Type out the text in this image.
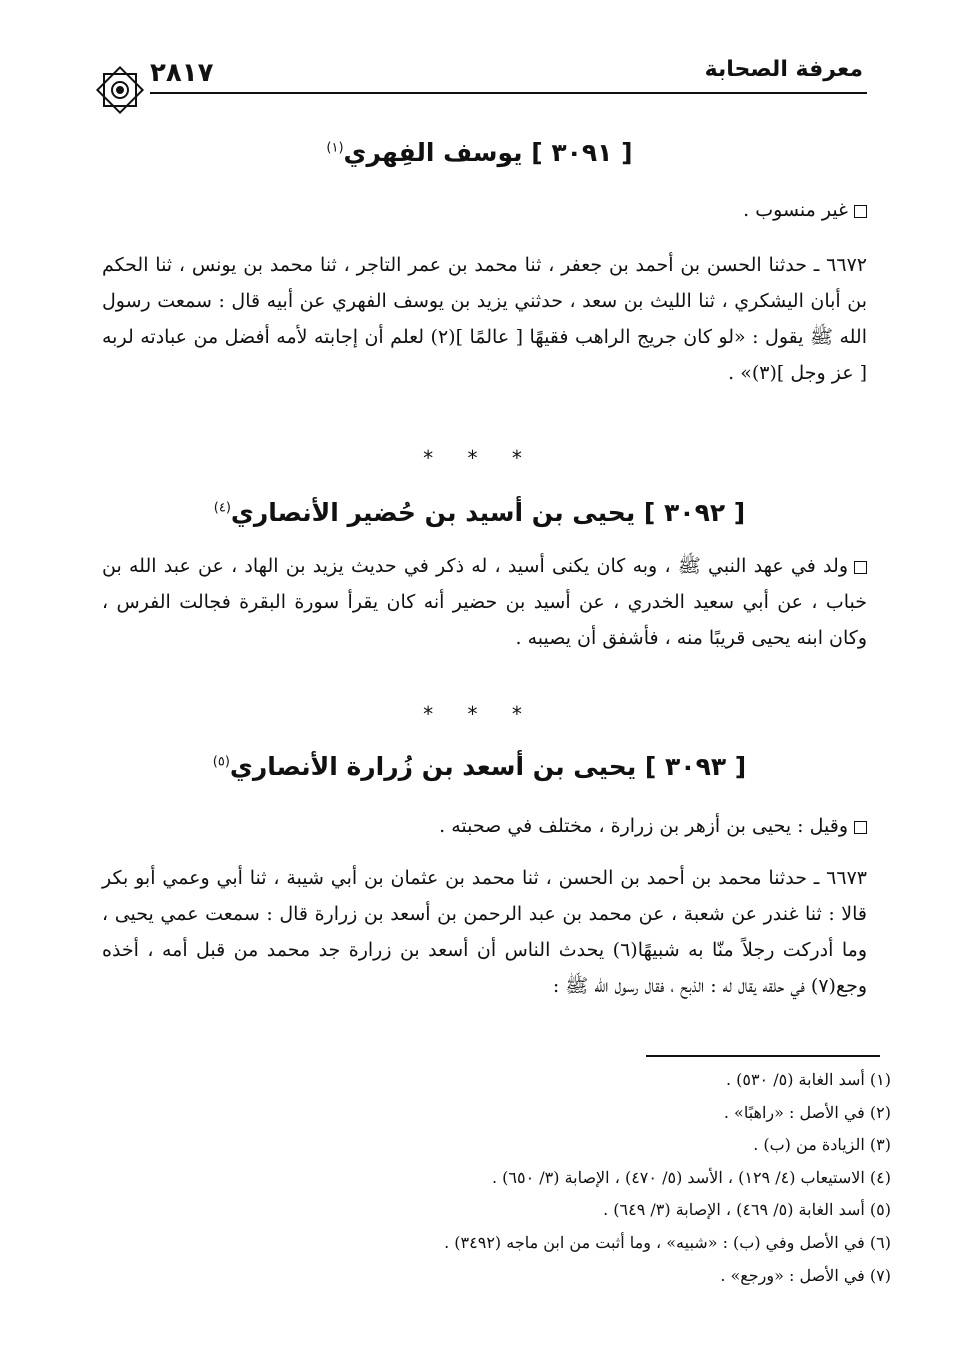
معرفة الصحابة
٢٨١٧
[ ٣٠٩١ ] يوسف الفِهري$^{(١)}$
غير منسوب .
٦٦٧٢ ـ حدثنا الحسن بن أحمد بن جعفر ، ثنا محمد بن عمر التاجر ، ثنا محمد بن يونس ، ثنا الحكم بن أبان اليشكري ، ثنا الليث بن سعد ، حدثني يزيد بن يوسف الفهري عن أبيه قال : سمعت رسول الله ﷺ يقول : «لو كان جريج الراهب فقيهًا [ عالمًا ](٢) لعلم أن إجابته لأمه أفضل من عبادته لربه [ عز وجل ](٣)» .
* * *
[ ٣٠٩٢ ] يحيى بن أسيد بن حُضير الأنصاري$^{(٤)}$
ولد في عهد النبي ﷺ ، وبه كان يكنى أسيد ، له ذكر في حديث يزيد بن الهاد ، عن عبد الله بن خباب ، عن أبي سعيد الخدري ، عن أسيد بن حضير أنه كان يقرأ سورة البقرة فجالت الفرس ، وكان ابنه يحيى قريبًا منه ، فأشفق أن يصيبه .
* * *
[ ٣٠٩٣ ] يحيى بن أسعد بن زُرارة الأنصاري$^{(٥)}$
وقيل : يحيى بن أزهر بن زرارة ، مختلف في صحبته .
٦٦٧٣ ـ حدثنا محمد بن أحمد بن الحسن ، ثنا محمد بن عثمان بن أبي شيبة ، ثنا أبي وعمي أبو بكر قالا : ثنا غندر عن شعبة ، عن محمد بن عبد الرحمن بن أسعد بن زرارة قال : سمعت عمي يحيى ، وما أدركت رجلاً منّا به شبيهًا(٦) يحدث الناس أن أسعد بن زرارة جد محمد من قبل أمه ، أخذه وجع(٧) في حلقه يقال له : الذبح ، فقال رسول الله ﷺ :
(١) أسد الغابة (٥/ ٥٣٠) .
(٢) في الأصل : «راهبًا» .
(٣) الزيادة من (ب) .
(٤) الاستيعاب (٤/ ١٢٩) ، الأسد (٥/ ٤٧٠) ، الإصابة (٣/ ٦٥٠) .
(٥) أسد الغابة (٥/ ٤٦٩) ، الإصابة (٣/ ٦٤٩) .
(٦) في الأصل وفي (ب) : «شبيه» ، وما أثبت من ابن ماجه (٣٤٩٢) .
(٧) في الأصل : «ورجع» .
